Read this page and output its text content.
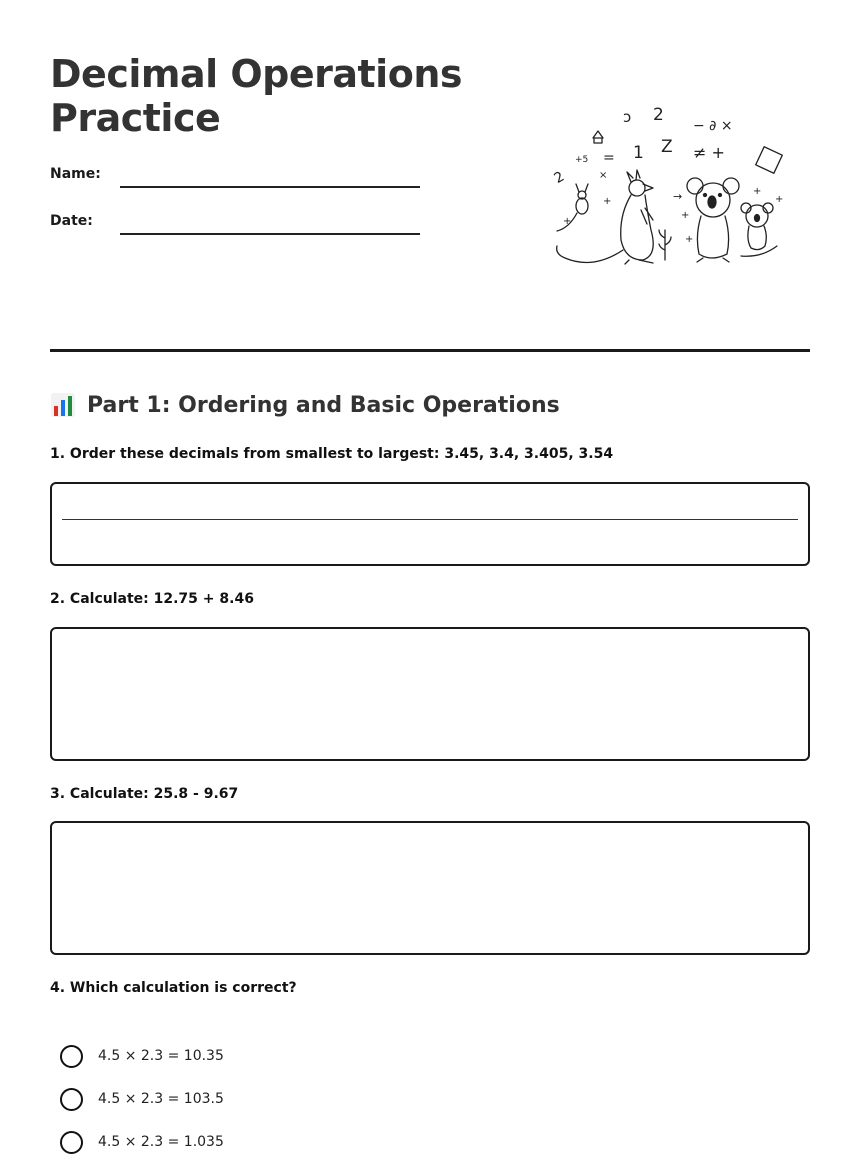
Decimal Operations
Practice
Name:
Date:
ↄ 2
Z
1
=
2
− ∂ ×
≠ +
+5
×
+	→
+
+
+
+
+
Part 1: Ordering and Basic Operations
1. Order these decimals from smallest to largest: 3.45, 3.4, 3.405, 3.54
2. Calculate: 12.75 + 8.46
3. Calculate: 25.8 - 9.67
4. Which calculation is correct?
4.5 × 2.3 = 10.35
4.5 × 2.3 = 103.5
4.5 × 2.3 = 1.035
